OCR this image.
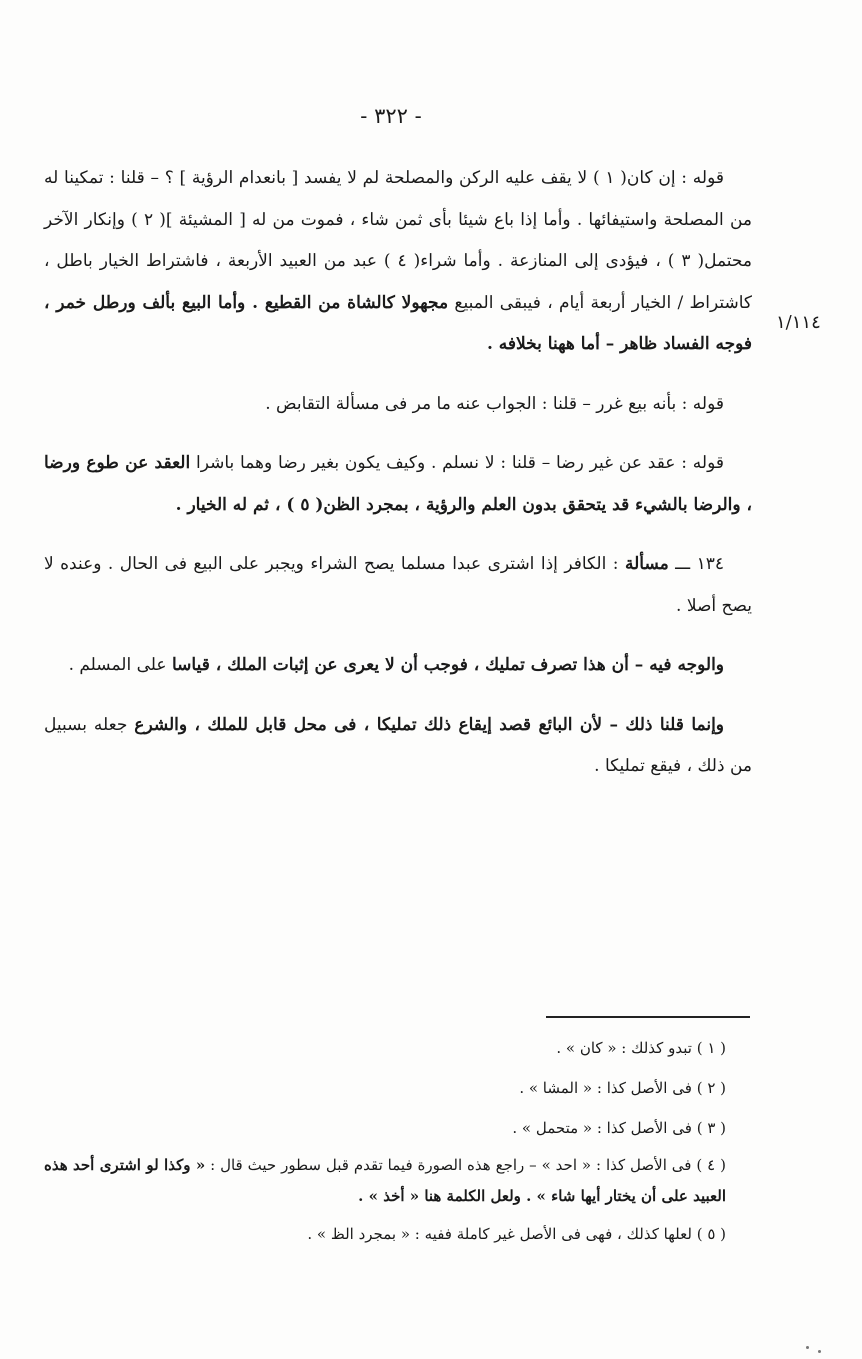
- ٣٢٢ -
١/١١٤

قوله : إن كان( ١ ) لا يقف عليه الركن والمصلحة لم لا يفسد [ بانعدام الرؤية ] ؟ – قلنا : تمكينا له من المصلحة واستيفائها . وأما إذا باع شيئا بأى ثمن شاء ، فموت من له [ المشيئة ]( ٢ ) وإنكار الآخر محتمل( ٣ ) ، فيؤدى إلى المنازعة . وأما شراء( ٤ ) عبد من العبيد الأربعة ، فاشتراط الخيار باطل ، كاشتراط / الخيار أربعة أيام ، فيبقى المبيع مجهولا كالشاة من القطيع . وأما البيع بألف ورطل خمر ، فوجه الفساد ظاهر – أما ههنا بخلافه .

قوله : بأنه بيع غرر – قلنا : الجواب عنه ما مر فى مسألة التقابض .

قوله : عقد عن غير رضا – قلنا : لا نسلم . وكيف يكون بغير رضا وهما باشرا العقد عن طوع ورضا ، والرضا بالشيء قد يتحقق بدون العلم والرؤية ، بمجرد الظن( ٥ ) ، ثم له الخيار .

١٣٤ ـــ مسألة : الكافر إذا اشترى عبدا مسلما يصح الشراء ويجبر على البيع فى الحال . وعنده لا يصح أصلا .

والوجه فيه – أن هذا تصرف تمليك ، فوجب أن لا يعرى عن إثبات الملك ، قياسا على المسلم .

وإنما قلنا ذلك – لأن البائع قصد إيقاع ذلك تمليكا ، فى محل قابل للملك ، والشرع جعله بسبيل من ذلك ، فيقع تمليكا .

( ١ ) تبدو كذلك : « كان » .
( ٢ ) فى الأصل كذا : « المشا » .
( ٣ ) فى الأصل كذا : « متحمل » .
( ٤ ) فى الأصل كذا : « احد » – راجع هذه الصورة فيما تقدم قبل سطور حيث قال : « وكذا لو اشترى أحد هذه العبيد على أن يختار أيها شاء » . ولعل الكلمة هنا « أخذ » .
( ٥ ) لعلها كذلك ، فهى فى الأصل غير كاملة ففيه : « بمجرد الظ » .
